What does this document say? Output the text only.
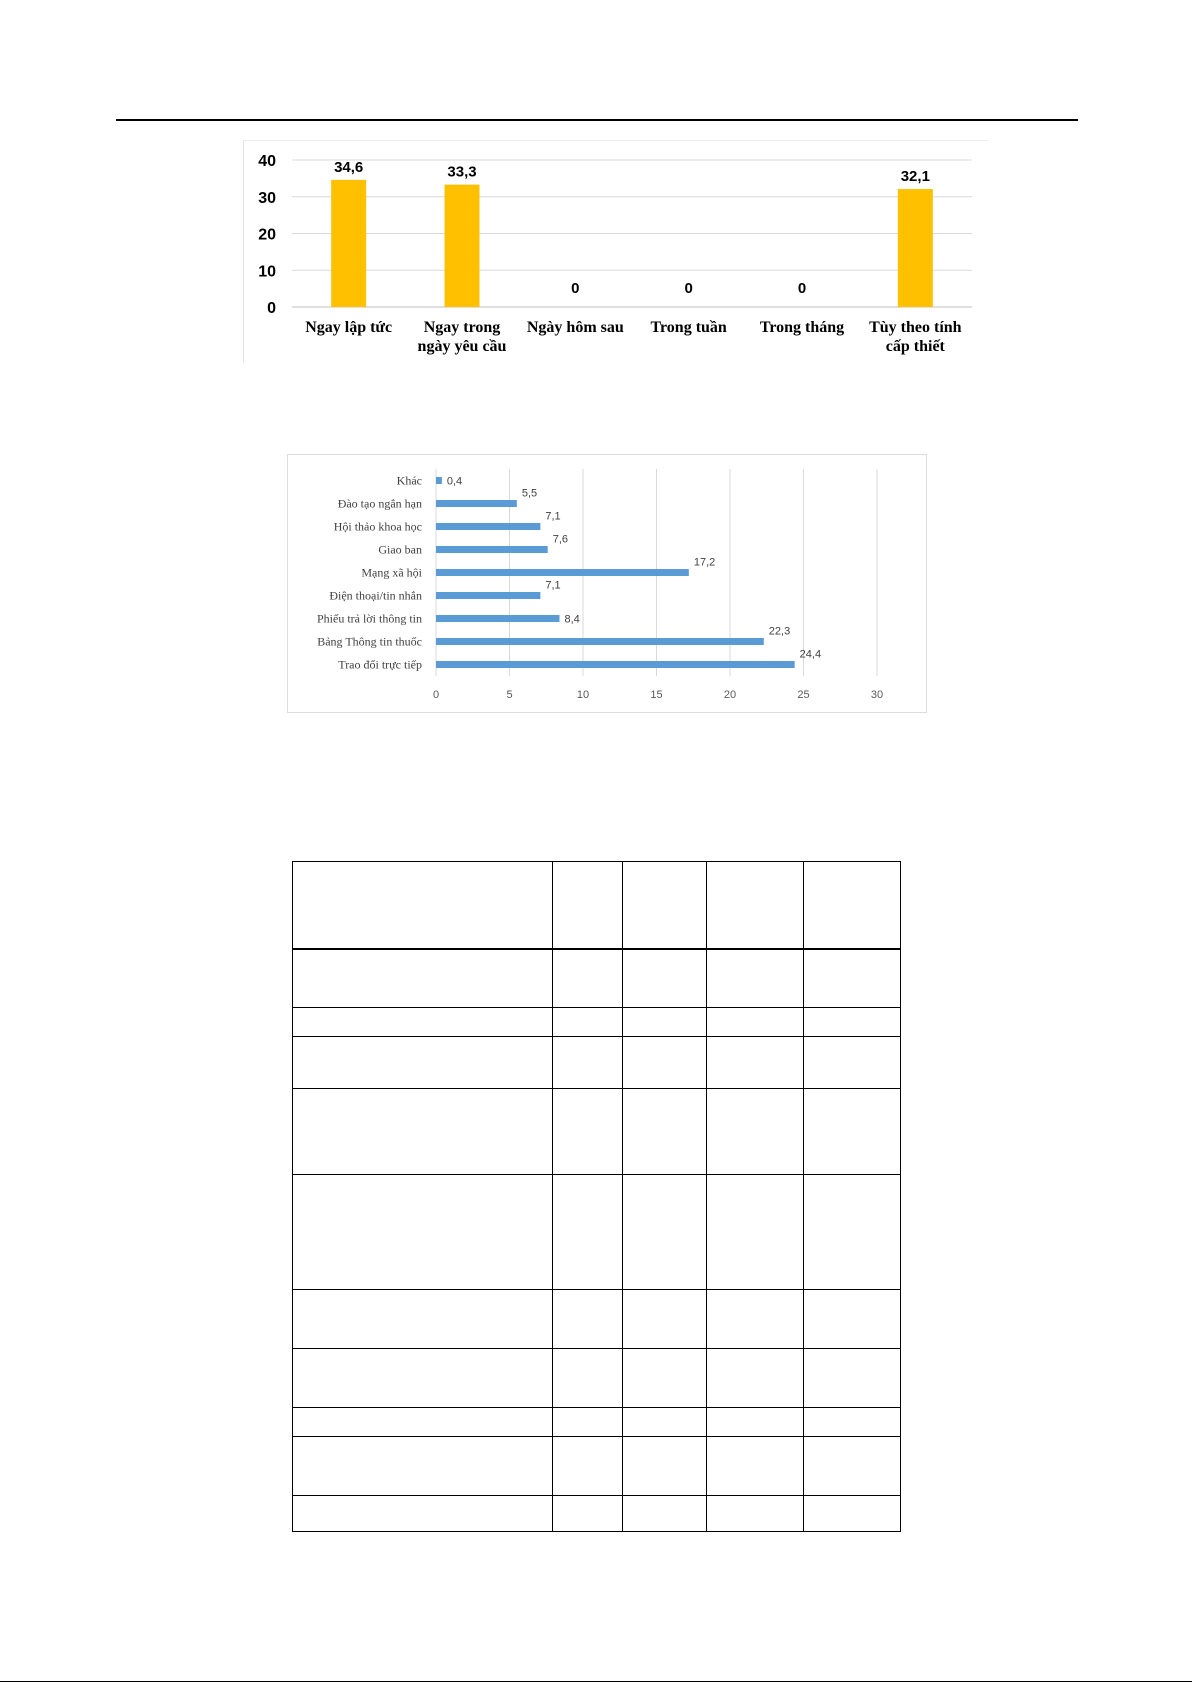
0
10
20
30
40	34,6
Ngay lập tức
33,3
Ngay trong
ngày yêu cầu
0
Ngày hôm sau
0
Trong tuần
0
Trong tháng
32,1
Tùy theo tính
cấp thiết
0	5	10	15	20	25	30
0,4
Khác
5,5
Đào tạo ngắn hạn
7,1
Hội thảo khoa học
7,6
Giao ban
17,2
Mạng xã hội
7,1
Điện thoại/tin nhắn
8,4
Phiếu trả lời thông tin
22,3
Bảng Thông tin thuốc
24,4
Trao đổi trực tiếp
